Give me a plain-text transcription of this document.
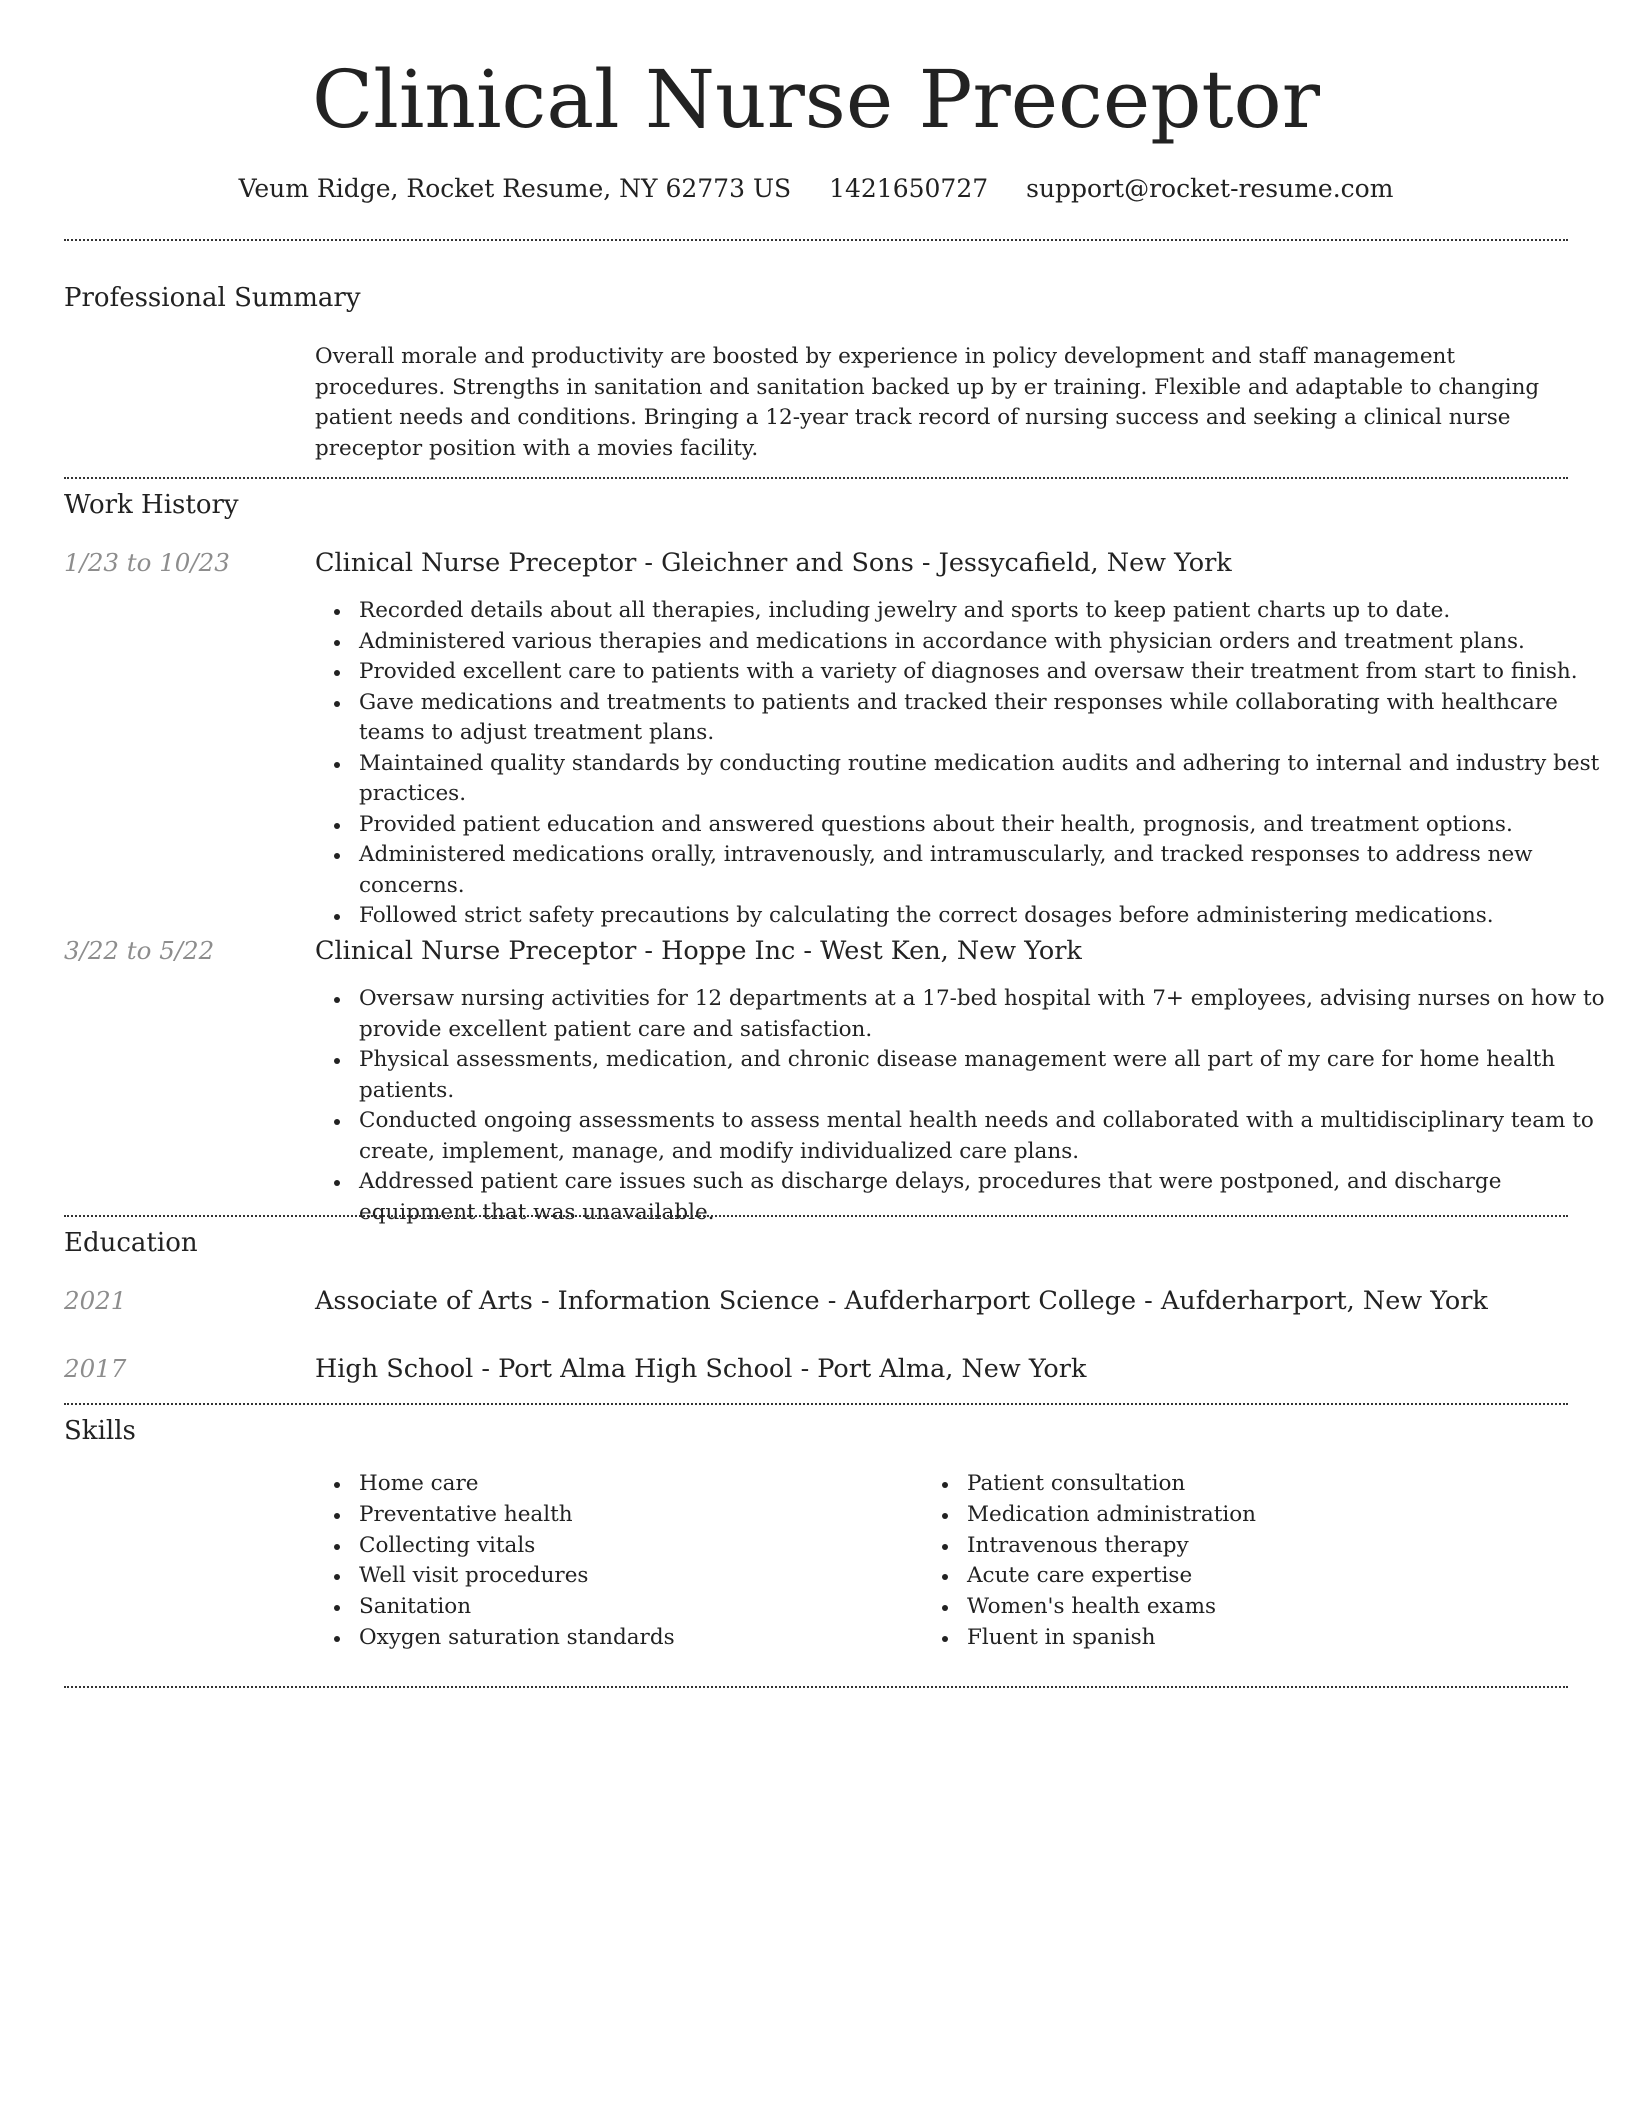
Clinical Nurse Preceptor
Veum Ridge, Rocket Resume, NY 62773 US 1421650727 support@rocket-resume.com
Professional Summary

Overall morale and productivity are boosted by experience in policy development and staff management procedures. Strengths in sanitation and sanitation backed up by er training. Flexible and adaptable to changing patient needs and conditions. Bringing a 12-year track record of nursing success and seeking a clinical nurse preceptor position with a movies facility.

Work History
1/23 to 10/23	Clinical Nurse Preceptor - Gleichner and Sons - Jessycafield, New York
Recorded details about all therapies, including jewelry and sports to keep patient charts up to date.
Administered various therapies and medications in accordance with physician orders and treatment plans.
Provided excellent care to patients with a variety of diagnoses and oversaw their treatment from start to finish.
Gave medications and treatments to patients and tracked their responses while collaborating with healthcare teams to adjust treatment plans.
Maintained quality standards by conducting routine medication audits and adhering to internal and industry best practices.
Provided patient education and answered questions about their health, prognosis, and treatment options.
Administered medications orally, intravenously, and intramuscularly, and tracked responses to address new concerns.
Followed strict safety precautions by calculating the correct dosages before administering medications.
3/22 to 5/22	Clinical Nurse Preceptor - Hoppe Inc - West Ken, New York
Oversaw nursing activities for 12 departments at a 17-bed hospital with 7+ employees, advising nurses on how to provide excellent patient care and satisfaction.
Physical assessments, medication, and chronic disease management were all part of my care for home health patients.
Conducted ongoing assessments to assess mental health needs and collaborated with a multidisciplinary team to create, implement, manage, and modify individualized care plans.
Addressed patient care issues such as discharge delays, procedures that were postponed, and discharge equipment that was unavailable.
Education
2021	Associate of Arts - Information Science - Aufderharport College - Aufderharport, New York
2017	High School - Port Alma High School - Port Alma, New York
Skills
Home care
Preventative health
Collecting vitals
Well visit procedures
Sanitation
Oxygen saturation standards
Patient consultation
Medication administration
Intravenous therapy
Acute care expertise
Women's health exams
Fluent in spanish
